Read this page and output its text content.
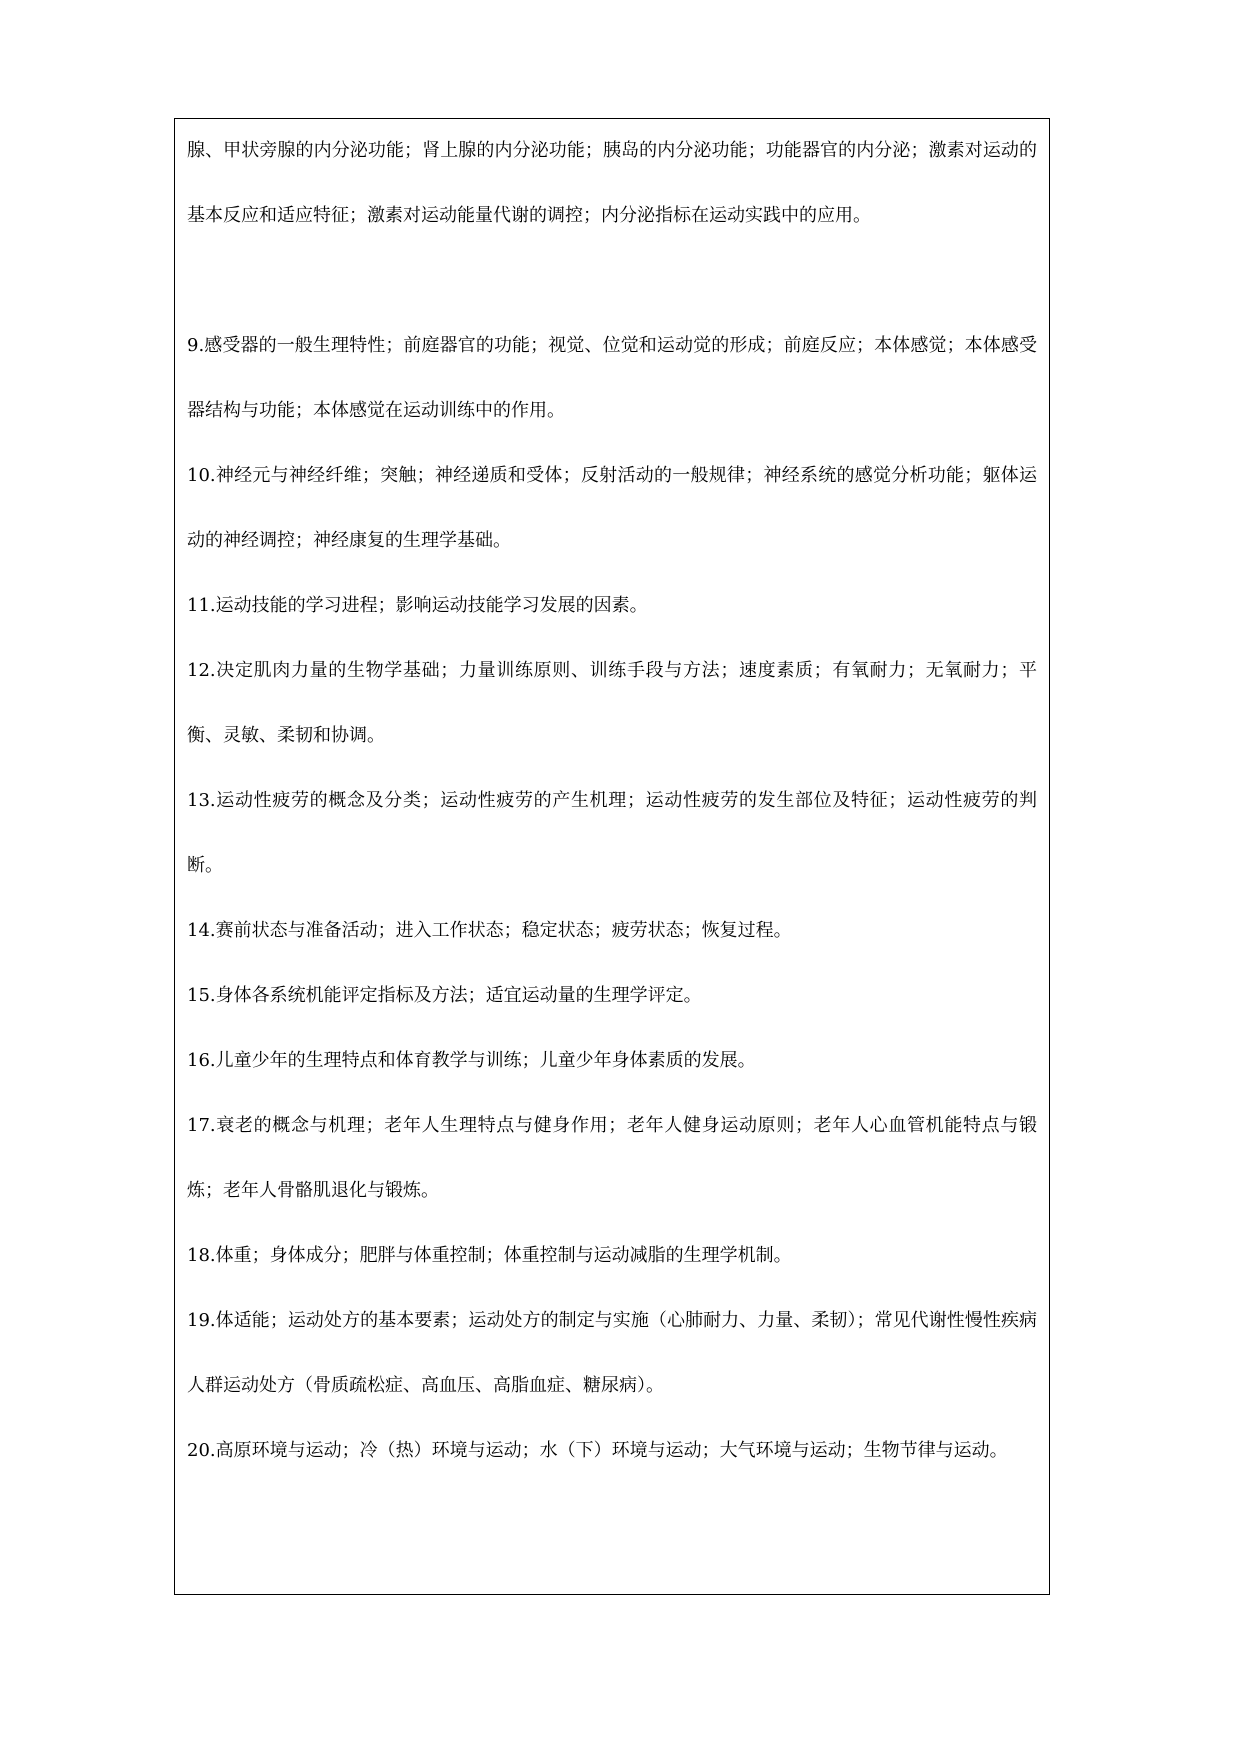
腺、甲状旁腺的内分泌功能；肾上腺的内分泌功能；胰岛的内分泌功能；功能器官的内分泌；激素对运动的基本反应和适应特征；激素对运动能量代谢的调控；内分泌指标在运动实践中的应用。

9.感受器的一般生理特性；前庭器官的功能；视觉、位觉和运动觉的形成；前庭反应；本体感觉；本体感受器结构与功能；本体感觉在运动训练中的作用。

10.神经元与神经纤维；突触；神经递质和受体；反射活动的一般规律；神经系统的感觉分析功能；躯体运动的神经调控；神经康复的生理学基础。

11.运动技能的学习进程；影响运动技能学习发展的因素。

12.决定肌肉力量的生物学基础；力量训练原则、训练手段与方法；速度素质；有氧耐力；无氧耐力；平衡、灵敏、柔韧和协调。

13.运动性疲劳的概念及分类；运动性疲劳的产生机理；运动性疲劳的发生部位及特征；运动性疲劳的判断。

14.赛前状态与准备活动；进入工作状态；稳定状态；疲劳状态；恢复过程。

15.身体各系统机能评定指标及方法；适宜运动量的生理学评定。

16.儿童少年的生理特点和体育教学与训练；儿童少年身体素质的发展。

17.衰老的概念与机理；老年人生理特点与健身作用；老年人健身运动原则；老年人心血管机能特点与锻炼；老年人骨骼肌退化与锻炼。

18.体重；身体成分；肥胖与体重控制；体重控制与运动减脂的生理学机制。

19.体适能；运动处方的基本要素；运动处方的制定与实施（心肺耐力、力量、柔韧）；常见代谢性慢性疾病人群运动处方（骨质疏松症、高血压、高脂血症、糖尿病）。

20.高原环境与运动；冷（热）环境与运动；水（下）环境与运动；大气环境与运动；生物节律与运动。
